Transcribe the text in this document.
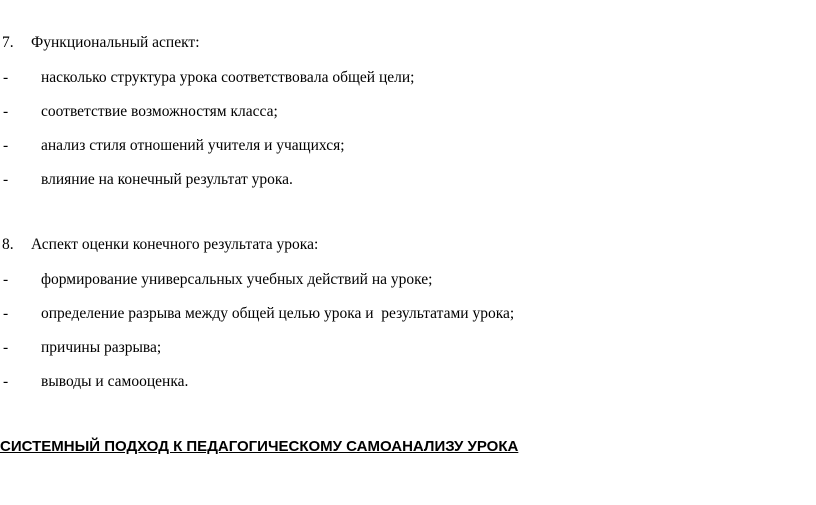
7. Функциональный аспект:
- насколько структура урока соответствовала общей цели;
- соответствие возможностям класса;
- анализ стиля отношений учителя и учащихся;
- влияние на конечный результат урока.
8. Аспект оценки конечного результата урока:
- формирование универсальных учебных действий на уроке;
- определение разрыва между общей целью урока и  результатами урока;
- причины разрыва;
- выводы и самооценка.
СИСТЕМНЫЙ ПОДХОД К ПЕДАГОГИЧЕСКОМУ САМОАНАЛИЗУ УРОКА
